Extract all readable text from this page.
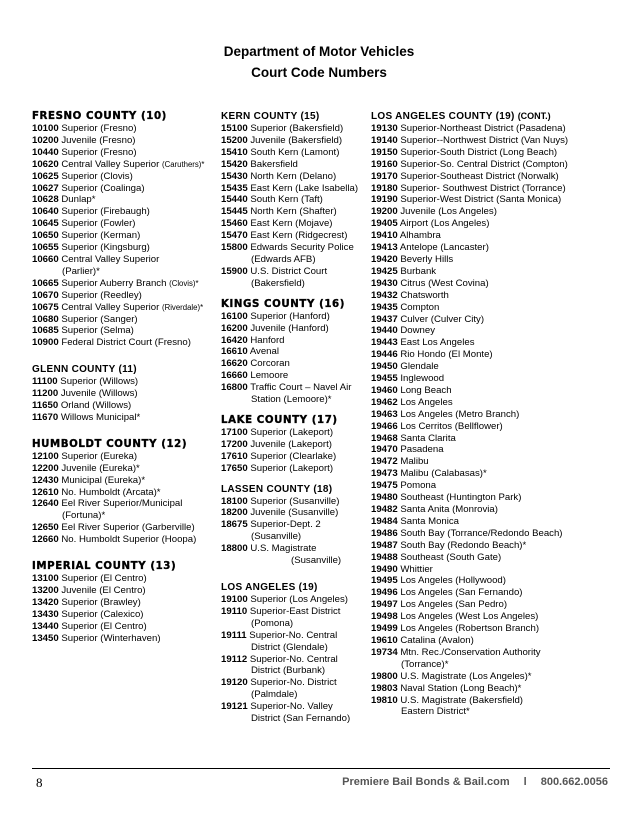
Department of Motor Vehicles
Court Code Numbers
FRESNO COUNTY (10)
10100 Superior (Fresno)
10200 Juvenile (Fresno)
10440 Superior (Fresno)
10620 Central Valley Superior (Caruthers)*
10625 Superior (Clovis)
10627 Superior (Coalinga)
10628 Dunlap*
10640 Superior (Firebaugh)
10645 Superior (Fowler)
10650 Superior (Kerman)
10655 Superior (Kingsburg)
10660 Central Valley Superior
(Parlier)*
10665 Superior Auberry Branch (Clovis)*
10670 Superior (Reedley)
10675 Central Valley Superior (Riverdale)*
10680 Superior (Sanger)
10685 Superior (Selma)
10900 Federal District Court (Fresno)
GLENN COUNTY (11)
11100 Superior (Willows)
11200 Juvenile (Willows)
11650 Orland (Willows)
11670 Willows Municipal*
HUMBOLDT COUNTY (12)
12100 Superior (Eureka)
12200 Juvenile (Eureka)*
12430 Municipal (Eureka)*
12610 No. Humboldt (Arcata)*
12640 Eel River Superior/Municipal
(Fortuna)*
12650 Eel River Superior (Garberville)
12660 No. Humboldt Superior (Hoopa)
IMPERIAL COUNTY (13)
13100 Superior (El Centro)
13200 Juvenile (El Centro)
13420 Superior (Brawley)
13430 Superior (Calexico)
13440 Superior (El Centro)
13450 Superior (Winterhaven)
KERN COUNTY (15)
15100 Superior (Bakersfield)
15200 Juvenile (Bakersfield)
15410 South Kern (Lamont)
15420 Bakersfield
15430 North Kern (Delano)
15435 East Kern (Lake Isabella)
15440 South Kern (Taft)
15445 North Kern (Shafter)
15460 East Kern (Mojave)
15470 East Kern (Ridgecrest)
15800 Edwards Security Police
(Edwards AFB)
15900 U.S. District Court
(Bakersfield)
KINGS COUNTY (16)
16100 Superior (Hanford)
16200 Juvenile (Hanford)
16420 Hanford
16610 Avenal
16620 Corcoran
16660 Lemoore
16800 Traffic Court – Navel Air
Station (Lemoore)*
LAKE COUNTY (17)
17100 Superior (Lakeport)
17200 Juvenile (Lakeport)
17610 Superior (Clearlake)
17650 Superior (Lakeport)
LASSEN COUNTY (18)
18100 Superior (Susanville)
18200 Juvenile (Susanville)
18675 Superior-Dept. 2
(Susanville)
18800 U.S. Magistrate
(Susanville)
LOS ANGELES (19)
19100 Superior (Los Angeles)
19110 Superior-East District
(Pomona)
19111 Superior-No. Central
District (Glendale)
19112 Superior-No. Central
District (Burbank)
19120 Superior-No. District
(Palmdale)
19121 Superior-No. Valley
District (San Fernando)
LOS ANGELES COUNTY (19) (CONT.)
19130 Superior-Northeast District (Pasadena)
19140 Superior--Northwest District (Van Nuys)
19150 Superior-South District (Long Beach)
19160 Superior-So. Central District (Compton)
19170 Superior-Southeast District (Norwalk)
19180 Superior- Southwest District (Torrance)
19190 Superior-West District (Santa Monica)
19200 Juvenile (Los Angeles)
19405 Airport (Los Angeles)
19410 Alhambra
19413 Antelope (Lancaster)
19420 Beverly Hills
19425 Burbank
19430 Citrus (West Covina)
19432 Chatsworth
19435 Compton
19437 Culver (Culver City)
19440 Downey
19443 East Los Angeles
19446 Rio Hondo (El Monte)
19450 Glendale
19455 Inglewood
19460 Long Beach
19462 Los Angeles
19463 Los Angeles (Metro Branch)
19466 Los Cerritos (Bellflower)
19468 Santa Clarita
19470 Pasadena
19472 Malibu
19473 Malibu (Calabasas)*
19475 Pomona
19480 Southeast (Huntington Park)
19482 Santa Anita (Monrovia)
19484 Santa Monica
19486 South Bay (Torrance/Redondo Beach)
19487 South Bay (Redondo Beach)*
19488 Southeast (South Gate)
19490 Whittier
19495 Los Angeles (Hollywood)
19496 Los Angeles (San Fernando)
19497 Los Angeles (San Pedro)
19498 Los Angeles (West Los Angeles)
19499 Los Angeles (Robertson Branch)
19610 Catalina (Avalon)
19734 Mtn. Rec./Conservation Authority
(Torrance)*
19800 U.S. Magistrate (Los Angeles)*
19803 Naval Station (Long Beach)*
19810 U.S. Magistrate (Bakersfield)
Eastern District*
8	Premiere Bail Bonds & Bail.com l 800.662.0056
